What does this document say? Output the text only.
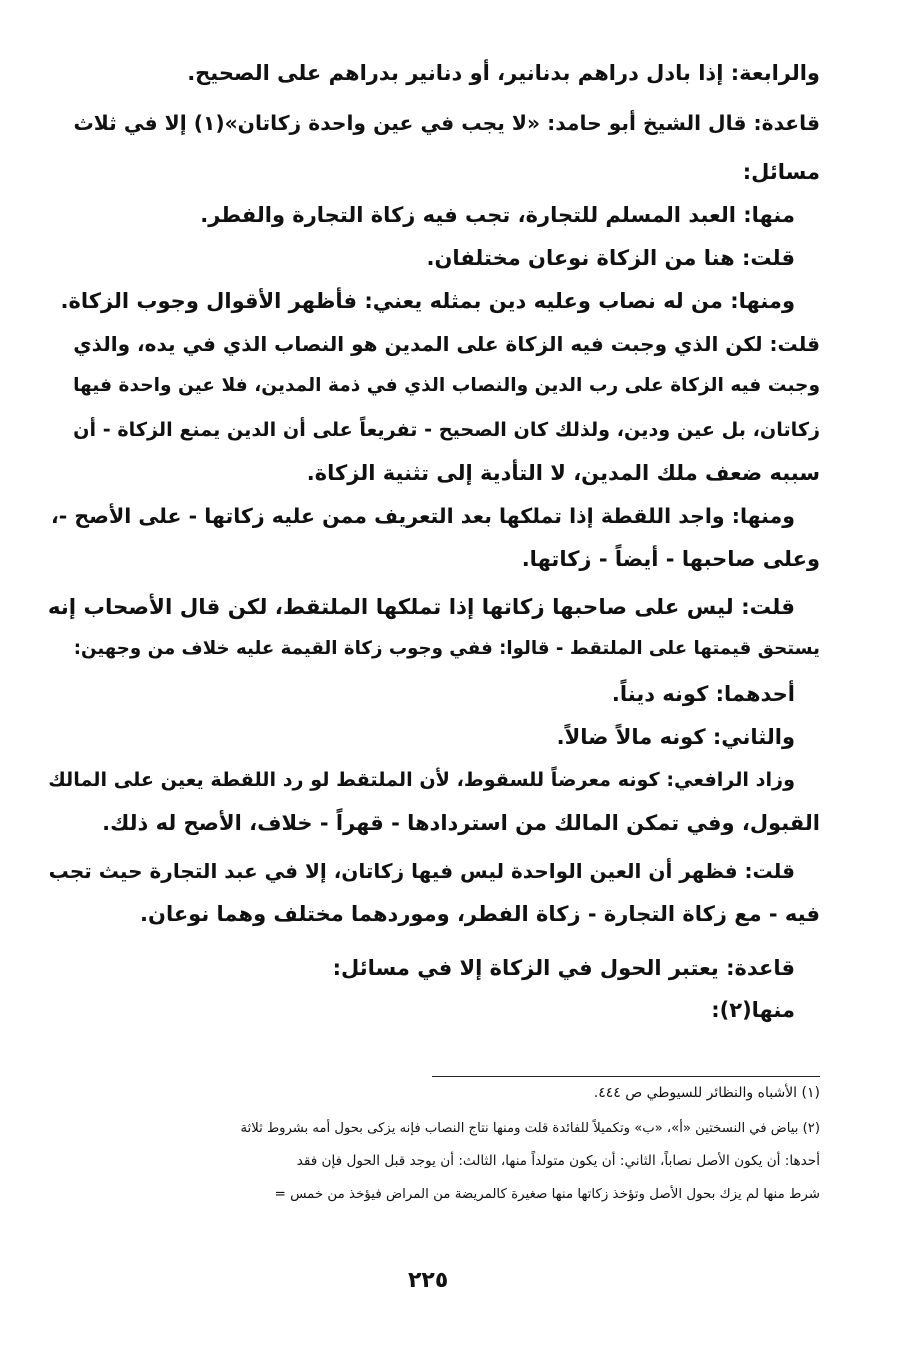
والرابعة: إذا بادل دراهم بدنانير، أو دنانير بدراهم على الصحيح.
قاعدة: قال الشيخ أبو حامد: «لا يجب في عين واحدة زكاتان»(١) إلا في ثلاث
مسائل:
منها: العبد المسلم للتجارة، تجب فيه زكاة التجارة والفطر.
قلت: هنا من الزكاة نوعان مختلفان.
ومنها: من له نصاب وعليه دين بمثله يعني: فأظهر الأقوال وجوب الزكاة.
قلت: لكن الذي وجبت فيه الزكاة على المدين هو النصاب الذي في يده، والذي
وجبت فيه الزكاة على رب الدين والنصاب الذي في ذمة المدين، فلا عين واحدة فيها
زكاتان، بل عين ودين، ولذلك كان الصحيح - تفريعاً على أن الدين يمنع الزكاة - أن
سببه ضعف ملك المدين، لا التأدية إلى تثنية الزكاة.
ومنها: واجد اللقطة إذا تملكها بعد التعريف ممن عليه زكاتها - على الأصح -،
وعلى صاحبها - أيضاً - زكاتها.
قلت: ليس على صاحبها زكاتها إذا تملكها الملتقط، لكن قال الأصحاب إنه
يستحق قيمتها على الملتقط - قالوا: ففي وجوب زكاة القيمة عليه خلاف من وجهين:
أحدهما: كونه ديناً.
والثاني: كونه مالاً ضالاً.
وزاد الرافعي: كونه معرضاً للسقوط، لأن الملتقط لو رد اللقطة يعين على المالك
القبول، وفي تمكن المالك من استردادها - قهراً - خلاف، الأصح له ذلك.
قلت: فظهر أن العين الواحدة ليس فيها زكاتان، إلا في عبد التجارة حيث تجب
فيه - مع زكاة التجارة - زكاة الفطر، وموردهما مختلف وهما نوعان.
قاعدة: يعتبر الحول في الزكاة إلا في مسائل:
منها(٢):
(١) الأشباه والنظائر للسيوطي ص ٤٤٤.
(٢) بياض في النسختين «أ»، «ب» وتكميلاً للفائدة قلت ومنها نتاج النصاب فإنه يزكى بحول أمه بشروط ثلاثة
أحدها: أن يكون الأصل نصاباً، الثاني: أن يكون متولداً منها، الثالث: أن يوجد قبل الحول فإن فقد
شرط منها لم يزك بحول الأصل وتؤخذ زكاتها منها صغيرة كالمريضة من المراض فيؤخذ من خمس =
٢٢٥
